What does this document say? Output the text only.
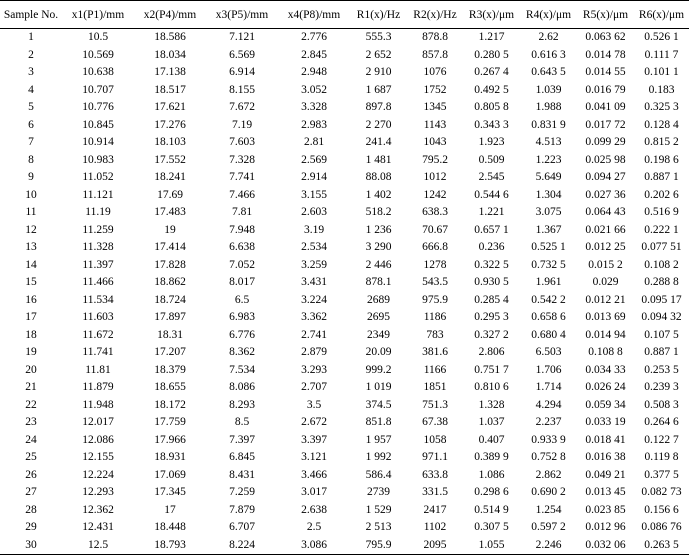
Sample No.	x1(P1)/mm	x2(P4)/mm	x3(P5)/mm	x4(P8)/mm	R1(x)/Hz	R2(x)/Hz	R3(x)/μm	R4(x)/μm	R5(x)/μm	R6(x)/μm
1	10.5	18.586	7.121	2.776	555.3	878.8	1.217	2.62	0.063 62	0.526 1
2	10.569	18.034	6.569	2.845	2 652	857.8	0.280 5	0.616 3	0.014 78	0.111 7
3	10.638	17.138	6.914	2.948	2 910	1076	0.267 4	0.643 5	0.014 55	0.101 1
4	10.707	18.517	8.155	3.052	1 687	1752	0.492 5	1.039	0.016 79	0.183
5	10.776	17.621	7.672	3.328	897.8	1345	0.805 8	1.988	0.041 09	0.325 3
6	10.845	17.276	7.19	2.983	2 270	1143	0.343 3	0.831 9	0.017 72	0.128 4
7	10.914	18.103	7.603	2.81	241.4	1043	1.923	4.513	0.099 29	0.815 2
8	10.983	17.552	7.328	2.569	1 481	795.2	0.509	1.223	0.025 98	0.198 6
9	11.052	18.241	7.741	2.914	88.08	1012	2.545	5.649	0.094 27	0.887 1
10	11.121	17.69	7.466	3.155	1 402	1242	0.544 6	1.304	0.027 36	0.202 6
11	11.19	17.483	7.81	2.603	518.2	638.3	1.221	3.075	0.064 43	0.516 9
12	11.259	19	7.948	3.19	1 236	70.67	0.657 1	1.367	0.021 66	0.222 1
13	11.328	17.414	6.638	2.534	3 290	666.8	0.236	0.525 1	0.012 25	0.077 51
14	11.397	17.828	7.052	3.259	2 446	1278	0.322 5	0.732 5	0.015 2	0.108 2
15	11.466	18.862	8.017	3.431	878.1	543.5	0.930 5	1.961	0.029	0.288 8
16	11.534	18.724	6.5	3.224	2689	975.9	0.285 4	0.542 2	0.012 21	0.095 17
17	11.603	17.897	6.983	3.362	2695	1186	0.295 3	0.658 6	0.013 69	0.094 32
18	11.672	18.31	6.776	2.741	2349	783	0.327 2	0.680 4	0.014 94	0.107 5
19	11.741	17.207	8.362	2.879	20.09	381.6	2.806	6.503	0.108 8	0.887 1
20	11.81	18.379	7.534	3.293	999.2	1166	0.751 7	1.706	0.034 33	0.253 5
21	11.879	18.655	8.086	2.707	1 019	1851	0.810 6	1.714	0.026 24	0.239 3
22	11.948	18.172	8.293	3.5	374.5	751.3	1.328	4.294	0.059 34	0.508 3
23	12.017	17.759	8.5	2.672	851.8	67.38	1.037	2.237	0.033 19	0.264 6
24	12.086	17.966	7.397	3.397	1 957	1058	0.407	0.933 9	0.018 41	0.122 7
25	12.155	18.931	6.845	3.121	1 992	971.1	0.389 9	0.752 8	0.016 38	0.119 8
26	12.224	17.069	8.431	3.466	586.4	633.8	1.086	2.862	0.049 21	0.377 5
27	12.293	17.345	7.259	3.017	2739	331.5	0.298 6	0.690 2	0.013 45	0.082 73
28	12.362	17	7.879	2.638	1 529	2417	0.514 9	1.254	0.023 85	0.156 6
29	12.431	18.448	6.707	2.5	2 513	1102	0.307 5	0.597 2	0.012 96	0.086 76
30	12.5	18.793	8.224	3.086	795.9	2095	1.055	2.246	0.032 06	0.263 5
